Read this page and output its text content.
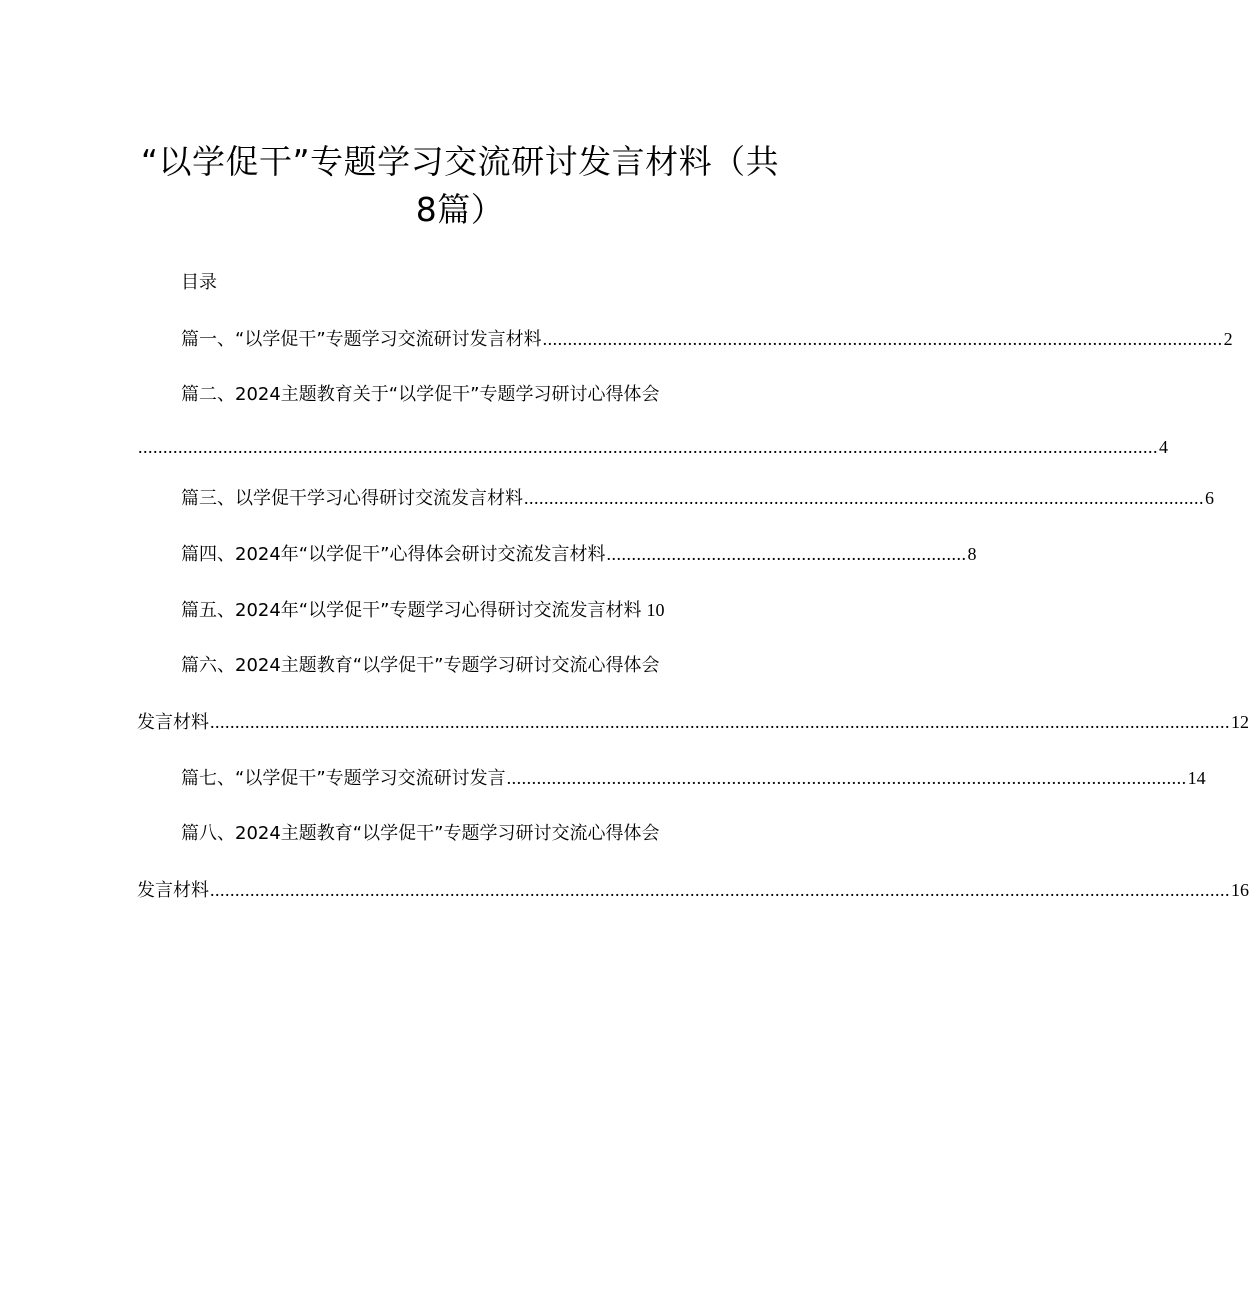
“以学促干”专题学习交流研讨发言材料（共
8篇）
目录
篇一、“以学促干”专题学习交流研讨发言材料 ........................................................................................................................................ 2
篇二、2024主题教育关于“以学促干”专题学习研讨心得体会
............................................................................................................................................................................................................ 4
篇三、以学促干学习心得研讨交流发言材料 ........................................................................................................................................ 6
篇四、2024年“以学促干”心得体会研讨交流发言材料 ........................................................................ 8
篇五、2024年“以学促干”专题学习心得研讨交流发言材料 10
篇六、2024主题教育“以学促干”专题学习研讨交流心得体会
发言材料 ............................................................................................................................................................................................................ 12
篇七、“以学促干”专题学习交流研讨发言 ........................................................................................................................................ 14
篇八、2024主题教育“以学促干”专题学习研讨交流心得体会
发言材料 ............................................................................................................................................................................................................ 16
